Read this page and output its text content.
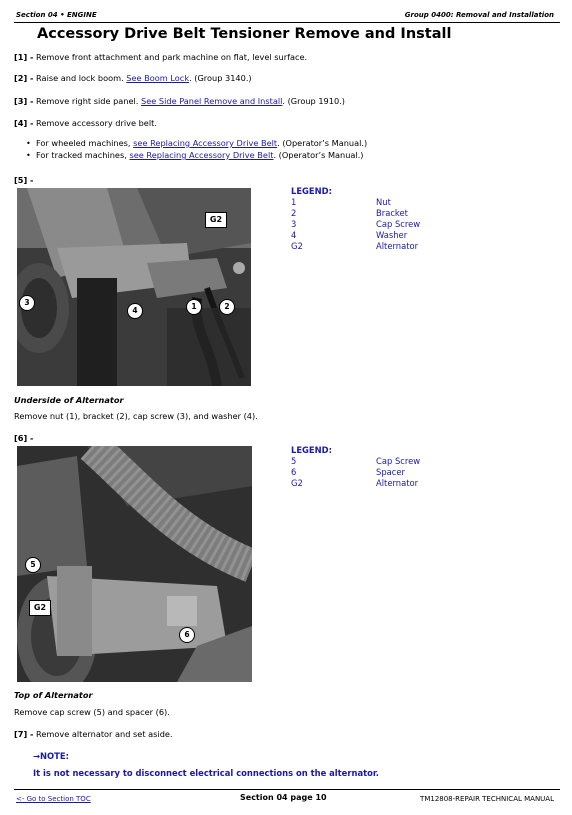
Section 04 • ENGINE	Group 0400: Removal and Installation
Accessory Drive Belt Tensioner Remove and Install
[1] - Remove front attachment and park machine on flat, level surface.
[2] - Raise and lock boom. See Boom Lock. (Group 3140.)
[3] - Remove right side panel. See Side Panel Remove and Install. (Group 1910.)
[4] - Remove accessory drive belt.
• For wheeled machines, see Replacing Accessory Drive Belt. (Operator’s Manual.)
• For tracked machines, see Replacing Accessory Drive Belt. (Operator’s Manual.)
[5] -
G2
1	2
3
4
LEGEND:
1	Nut
2	Bracket
3	Cap Screw
4	Washer
G2	Alternator
Underside of Alternator
Remove nut (1), bracket (2), cap screw (3), and washer (4).
[6] -
5
G2
6
LEGEND:
5	Cap Screw
6	Spacer
G2	Alternator
Top of Alternator
Remove cap screw (5) and spacer (6).
[7] - Remove alternator and set aside.
→NOTE:
It is not necessary to disconnect electrical connections on the alternator.
<- Go to Section TOC	Section 04 page 10	TM12808-REPAIR TECHNICAL MANUAL
